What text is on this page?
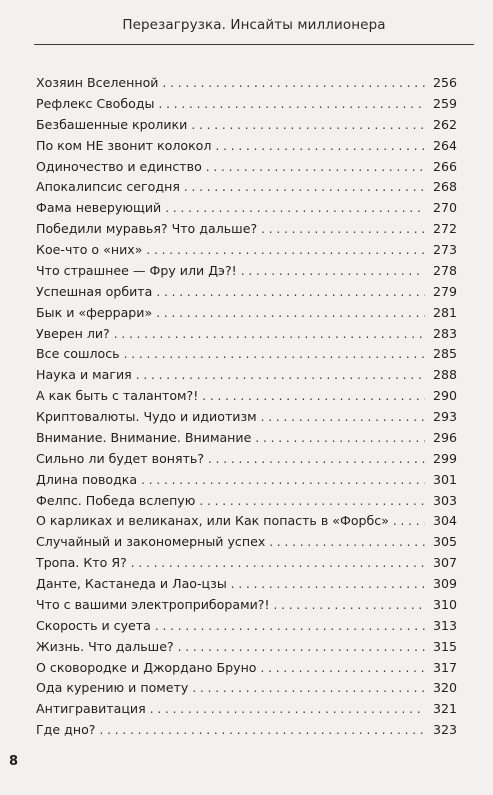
Перезагрузка. Инсайты миллионера
Хозяин Вселенной . . .	256
Рефлекс Свободы . . .	259
Безбашенные кролики . . .	262
По ком НЕ звонит колокол . . .	264
Одиночество и единство . . .	266
Апокалипсис сегодня . . .	268
Фама неверующий . . .	270
Победили муравья? Что дальше? . . .	272
Кое-что о «них» . . .	273
Что страшнее — Фру или Дэ?! . . .	278
Успешная орбита . . .	279
Бык и «феррари» . . .	281
Уверен ли? . . .	283
Все сошлось . . .	285
Наука и магия . . .	288
А как быть с талантом?! . . .	290
Криптовалюты. Чудо и идиотизм . . .	293
Внимание. Внимание. Внимание . . .	296
Сильно ли будет вонять? . . .	299
Длина поводка . . .	301
Фелпс. Победа вслепую . . .	303
О карликах и великанах, или Как попасть в «Форбс» . . .	304
Случайный и закономерный успех . . .	305
Тропа. Кто Я? . . .	307
Данте, Кастанеда и Лао-цзы . . .	309
Что с вашими электроприборами?! . . .	310
Скорость и суета . . .	313
Жизнь. Что дальше? . . .	315
О сковородке и Джордано Бруно . . .	317
Ода курению и помету . . .	320
Антигравитация . . .	321
Где дно? . . .	323
8
